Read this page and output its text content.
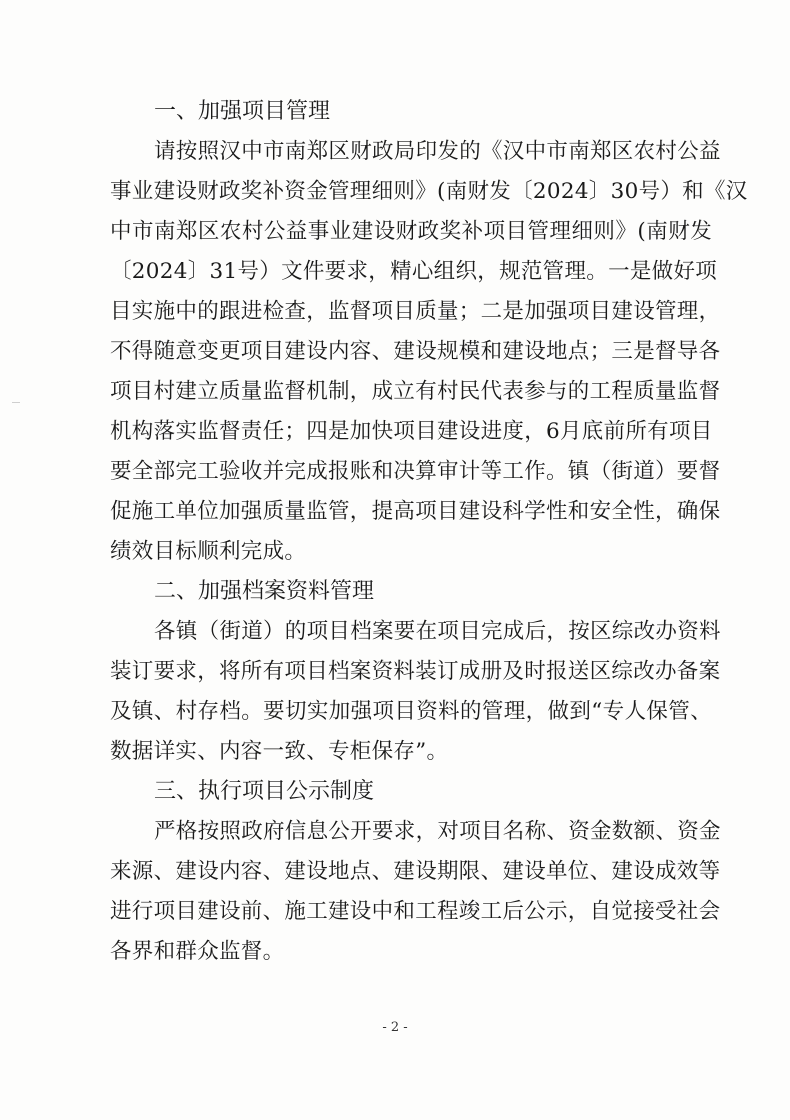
一、加强项目管理

请按照汉中市南郑区财政局印发的《汉中市南郑区农村公益

事业建设财政奖补资金管理细则》(南财发〔2024〕30号）和《汉

中市南郑区农村公益事业建设财政奖补项目管理细则》(南财发

〔2024〕31号）文件要求，精心组织，规范管理。一是做好项

目实施中的跟进检查，监督项目质量；二是加强项目建设管理，

不得随意变更项目建设内容、建设规模和建设地点；三是督导各

项目村建立质量监督机制，成立有村民代表参与的工程质量监督

机构落实监督责任；四是加快项目建设进度，6月底前所有项目

要全部完工验收并完成报账和决算审计等工作。镇（街道）要督

促施工单位加强质量监管，提高项目建设科学性和安全性，确保

绩效目标顺利完成。

二、加强档案资料管理

各镇（街道）的项目档案要在项目完成后，按区综改办资料

装订要求，将所有项目档案资料装订成册及时报送区综改办备案

及镇、村存档。要切实加强项目资料的管理，做到“专人保管、

数据详实、内容一致、专柜保存”。

三、执行项目公示制度

严格按照政府信息公开要求，对项目名称、资金数额、资金

来源、建设内容、建设地点、建设期限、建设单位、建设成效等

进行项目建设前、施工建设中和工程竣工后公示，自觉接受社会

各界和群众监督。

- 2 -
